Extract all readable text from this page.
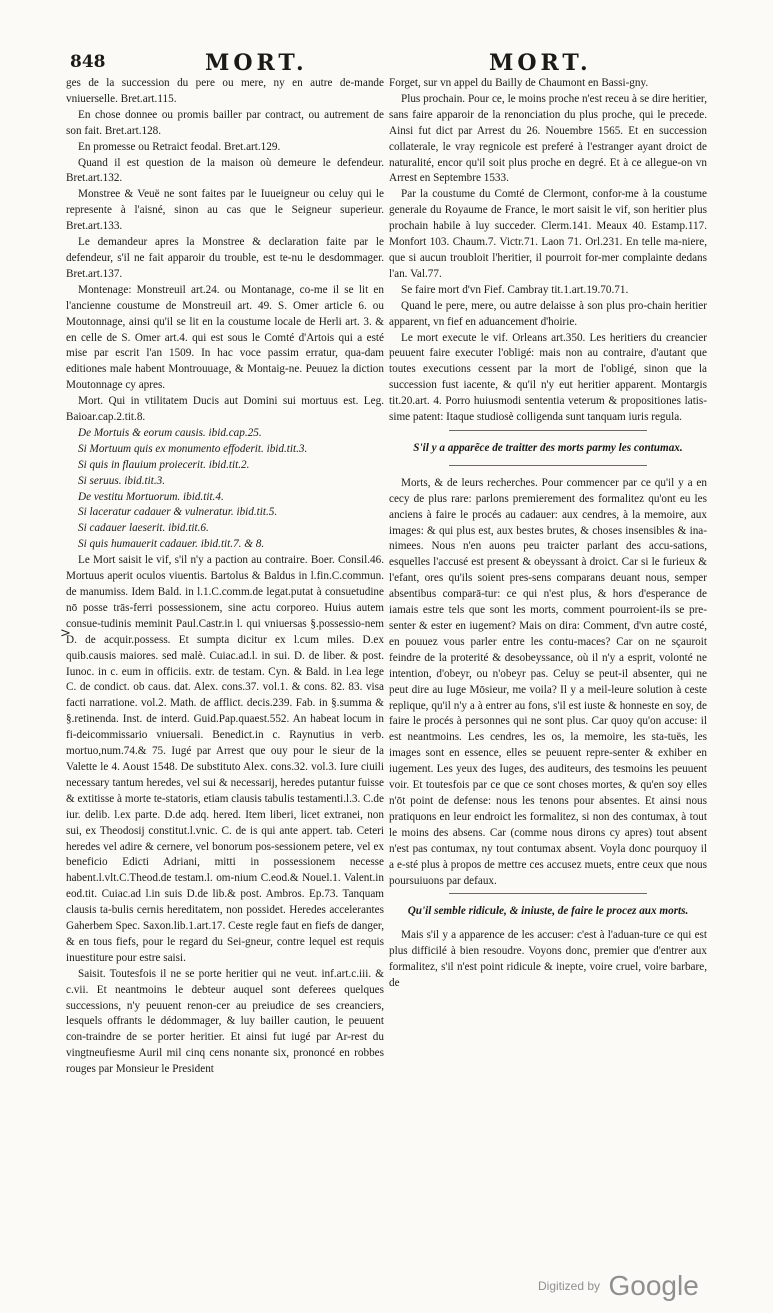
848	MORT.	MORT.

ges de la succession du pere ou mere, ny en autre de-mande vniuerselle. Bret.art.115.

En chose donnee ou promis bailler par contract, ou autrement de son fait. Bret.art.128.

En promesse ou Retraict feodal. Bret.art.129.

Quand il est question de la maison où demeure le defendeur. Bret.art.132.

Monstree & Veuë ne sont faites par le Iuueigneur ou celuy qui le represente à l'aisné, sinon au cas que le Seigneur superieur. Bret.art.133.

Le demandeur apres la Monstree & declaration faite par le defendeur, s'il ne fait apparoir du trouble, est te-nu le desdommager. Bret.art.137.

Montenage: Monstreuil art.24. ou Montanage, co-me il se lit en l'ancienne coustume de Monstreuil art. 49. S. Omer article 6. ou Moutonnage, ainsi qu'il se lit en la coustume locale de Herli art. 3. & en celle de S. Omer art.4. qui est sous le Comté d'Artois qui a esté mise par escrit l'an 1509. In hac voce passim erratur, qua-dam editiones male habent Montrouuage, & Montaig-ne. Peuuez la diction Moutonnage cy apres.

Mort. Qui in vtilitatem Ducis aut Domini sui mortuus est. Leg. Baioar.cap.2.tit.8.

De Mortuis & eorum causis. ibid.cap.25.

Si Mortuum quis ex monumento effoderit. ibid.tit.3.

Si quis in flauium proiecerit. ibid.tit.2.

Si seruus. ibid.tit.3.

De vestitu Mortuorum. ibid.tit.4.

Si laceratur cadauer & vulneratur. ibid.tit.5.

Si cadauer laeserit. ibid.tit.6.

Si quis humauerit cadauer. ibid.tit.7. & 8.

Le Mort saisit le vif, s'il n'y a paction au contraire. Boer. Consil.46. Mortuus aperit oculos viuentis. Bartolus & Baldus in l.fin.C.commun. de manumiss. Idem Bald. in l.1.C.comm.de legat.putat à consuetudine nō posse trās-ferri possessionem, sine actu corporeo. Huius autem consue-tudinis meminit Paul.Castr.in l. qui vniuersas §.possessio-nem D. de acquir.possess. Et sumpta dicitur ex l.cum miles. D.ex quib.causis maiores. sed malè. Cuiac.ad.l. in sui. D. de liber. & post. Iunoc. in c. eum in officiis. extr. de testam. Cyn. & Bald. in l.ea lege C. de condict. ob caus. dat. Alex. cons.37. vol.1. & cons. 82. 83. visa facti narratione. vol.2. Math. de afflict. decis.239. Fab. in §.summa & §.retinenda. Inst. de interd. Guid.Pap.quaest.552. An habeat locum in fi-deicommissario vniuersali. Benedict.in c. Raynutius in verb. mortuo,num.74.& 75. Iugé par Arrest que ouy pour le sieur de la Valette le 4. Aoust 1548. De substituto Alex. cons.32. vol.3. Iure ciuili necessary tantum heredes, vel sui & necessarij, heredes putantur fuisse & extitisse à morte te-statoris, etiam clausis tabulis testamenti.l.3. C.de iur. delib. l.ex parte. D.de adq. hered. Item liberi, licet extranei, non sui, ex Theodosij constitut.l.vnic. C. de is qui ante appert. tab. Ceteri heredes vel adire & cernere, vel bonorum pos-sessionem petere, vel ex beneficio Edicti Adriani, mitti in possessionem necesse habent.l.vlt.C.Theod.de testam.l. om-nium C.eod.& Nouel.1. Valent.in eod.tit. Cuiac.ad l.in suis D.de lib.& post. Ambros. Ep.73. Tanquam clausis ta-bulis cernis hereditatem, non possidet. Heredes accelerantes Gaherbem Spec. Saxon.lib.1.art.17. Ceste regle faut en fiefs de danger, & en tous fiefs, pour le regard du Sei-gneur, contre lequel est requis inuestiture pour estre saisi.

Saisit. Toutesfois il ne se porte heritier qui ne veut. inf.art.c.iii. & c.vii. Et neantmoins le debteur auquel sont deferees quelques successions, n'y peuuent renon-cer au preiudice de ses creanciers, lesquels offrants le dédommager, & luy bailler caution, le peuuent con-traindre de se porter heritier. Et ainsi fut iugé par Ar-rest du vingtneufiesme Auril mil cinq cens nonante six, prononcé en robbes rouges par Monsieur le President

>

Forget, sur vn appel du Bailly de Chaumont en Bassi-gny.

Plus prochain. Pour ce, le moins proche n'est receu à se dire heritier, sans faire apparoir de la renonciation du plus proche, qui le precede. Ainsi fut dict par Arrest du 26. Nouembre 1565. Et en succession collaterale, le vray regnicole est preferé à l'estranger ayant droict de naturalité, encor qu'il soit plus proche en degré. Et à ce allegue-on vn Arrest en Septembre 1533.

Par la coustume du Comté de Clermont, confor-me à la coustume generale du Royaume de France, le mort saisit le vif, son heritier plus prochain habile à luy succeder. Clerm.141. Meaux 40. Estamp.117. Monfort 103. Chaum.7. Victr.71. Laon 71. Orl.231. En telle ma-niere, que si aucun troubloit l'heritier, il pourroit for-mer complainte dedans l'an. Val.77.

Se faire mort d'vn Fief. Cambray tit.1.art.19.70.71.

Quand le pere, mere, ou autre delaisse à son plus pro-chain heritier apparent, vn fief en aduancement d'hoirie.

Le mort execute le vif. Orleans art.350. Les heritiers du creancier peuuent faire executer l'obligé: mais non au contraire, d'autant que toutes executions cessent par la mort de l'obligé, sinon que la succession fust iacente, & qu'il n'y eut heritier apparent. Montargis tit.20.art. 4. Porro huiusmodi sententia veterum & propositiones latis-sime patent: Itaque studiosè colligenda sunt tanquam iuris regula.

S'il y a apparẽce de traitter des morts parmy les contumax.

Morts, & de leurs recherches. Pour commencer par ce qu'il y a en cecy de plus rare: parlons premierement des formalitez qu'ont eu les anciens à faire le procés au cadauer: aux cendres, à la memoire, aux images: & qui plus est, aux bestes brutes, & choses insensibles & ina-nimees. Nous n'en auons peu traicter parlant des accu-sations, esquelles l'accusé est present & obeyssant à droict. Car si le furieux & l'efant, ores qu'ils soient pres-sens comparans deuant nous, semper absentibus comparā-tur: ce qui n'est plus, & hors d'esperance de iamais estre tels que sont les morts, comment pourroient-ils se pre-senter & ester en iugement? Mais on dira: Comment, d'vn autre costé, en pouuez vous parler entre les contu-maces? Car on ne sçauroit feindre de la proterité & desobeyssance, où il n'y a esprit, volonté ne intention, d'obeyr, ou n'obeyr pas. Celuy se peut-il absenter, qui ne peut dire au Iuge Mōsieur, me voila? Il y a meil-leure solution à ceste replique, qu'il n'y a à entrer au fons, s'il est iuste & honneste en soy, de faire le procés à personnes qui ne sont plus. Car quoy qu'on accuse: il est neantmoins. Les cendres, les os, la memoire, les sta-tuës, les images sont en essence, elles se peuuent repre-senter & exhiber en iugement. Les yeux des Iuges, des auditeurs, des tesmoins les peuuent voir. Et toutesfois par ce que ce sont choses mortes, & qu'en soy elles n'ōt point de defense: nous les tenons pour absentes. Et ainsi nous pratiquons en leur endroict les formalitez, si non des contumax, à tout le moins des absens. Car (comme nous dirons cy apres) tout absent n'est pas contumax, ny tout contumax absent. Voyla donc pourquoy il a e-sté plus à propos de mettre ces accusez muets, entre ceux que nous poursuiuons par defaux.

Qu'il semble ridicule, & iniuste, de faire le procez aux morts.

Mais s'il y a apparence de les accuser: c'est à l'aduan-ture ce qui est plus difficilé à bien resoudre. Voyons donc, premier que d'entrer aux formalitez, s'il n'est point ridicule & inepte, voire cruel, voire barbare, de

Digitized by Google
